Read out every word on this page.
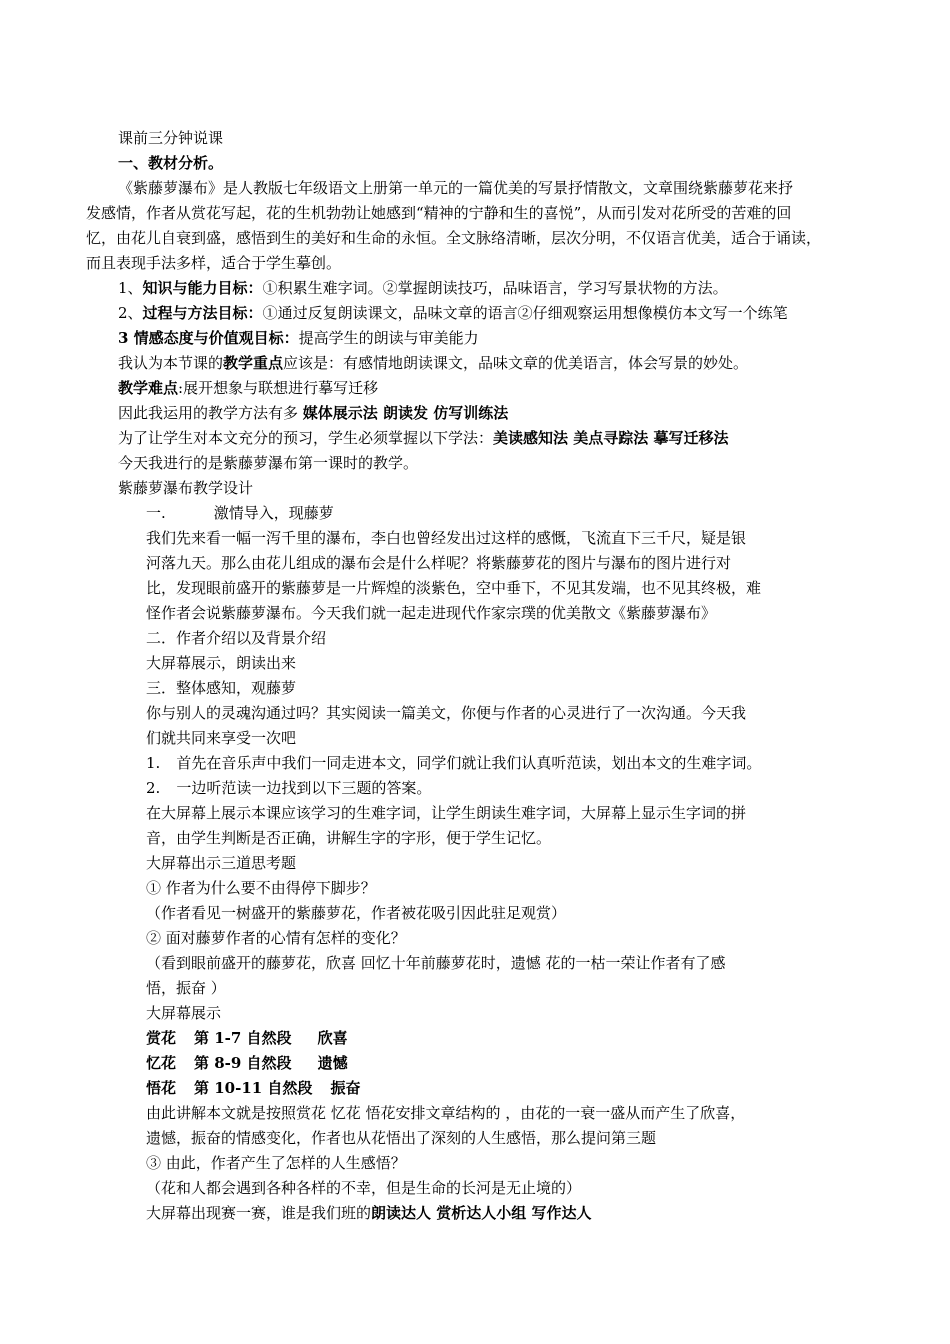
课前三分钟说课
一、教材分析。
《紫藤萝瀑布》是人教版七年级语文上册第一单元的一篇优美的写景抒情散文，文章围绕紫藤萝花来抒
发感情，作者从赏花写起，花的生机勃勃让她感到“精神的宁静和生的喜悦”，从而引发对花所受的苦难的回
忆，由花儿自衰到盛，感悟到生的美好和生命的永恒。全文脉络清晰，层次分明，不仅语言优美，适合于诵读，
而且表现手法多样，适合于学生摹创。
1、知识与能力目标：①积累生难字词。②掌握朗读技巧，品味语言，学习写景状物的方法。
2、过程与方法目标：①通过反复朗读课文，品味文章的语言②仔细观察运用想像模仿本文写一个练笔
3 情感态度与价值观目标：提高学生的朗读与审美能力
我认为本节课的教学重点应该是：有感情地朗读课文，品味文章的优美语言，体会写景的妙处。
教学难点:展开想象与联想进行摹写迁移
因此我运用的教学方法有多 媒体展示法 朗读发 仿写训练法
为了让学生对本文充分的预习，学生必须掌握以下学法：美读感知法 美点寻踪法 摹写迁移法
今天我进行的是紫藤萝瀑布第一课时的教学。
紫藤萝瀑布教学设计
一.	激情导入，现藤萝
我们先来看一幅一泻千里的瀑布，李白也曾经发出过这样的感慨，飞流直下三千尺，疑是银
河落九天。那么由花儿组成的瀑布会是什么样呢？将紫藤萝花的图片与瀑布的图片进行对
比，发现眼前盛开的紫藤萝是一片辉煌的淡紫色，空中垂下，不见其发端，也不见其终极，难
怪作者会说紫藤萝瀑布。今天我们就一起走进现代作家宗璞的优美散文《紫藤萝瀑布》
二．作者介绍以及背景介绍
大屏幕展示，朗读出来
三．整体感知，观藤萝
你与别人的灵魂沟通过吗？其实阅读一篇美文，你便与作者的心灵进行了一次沟通。今天我
们就共同来享受一次吧
1. 首先在音乐声中我们一同走进本文，同学们就让我们认真听范读，划出本文的生难字词。
2. 一边听范读一边找到以下三题的答案。
在大屏幕上展示本课应该学习的生难字词，让学生朗读生难字词，大屏幕上显示生字词的拼
音，由学生判断是否正确，讲解生字的字形，便于学生记忆。
大屏幕出示三道思考题
① 作者为什么要不由得停下脚步？
（作者看见一树盛开的紫藤萝花，作者被花吸引因此驻足观赏）
② 面对藤萝作者的心情有怎样的变化？
（看到眼前盛开的藤萝花，欣喜 回忆十年前藤萝花时，遗憾 花的一枯一荣让作者有了感
悟，振奋 ）
大屏幕展示
赏花 第 1-7 自然段 欣喜
忆花 第 8-9 自然段 遗憾
悟花 第 10-11 自然段 振奋
由此讲解本文就是按照赏花 忆花 悟花安排文章结构的 ，由花的一衰一盛从而产生了欣喜，
遗憾，振奋的情感变化，作者也从花悟出了深刻的人生感悟，那么提问第三题
③ 由此，作者产生了怎样的人生感悟？
（花和人都会遇到各种各样的不幸，但是生命的长河是无止境的）
大屏幕出现赛一赛，谁是我们班的朗读达人 赏析达人小组 写作达人
